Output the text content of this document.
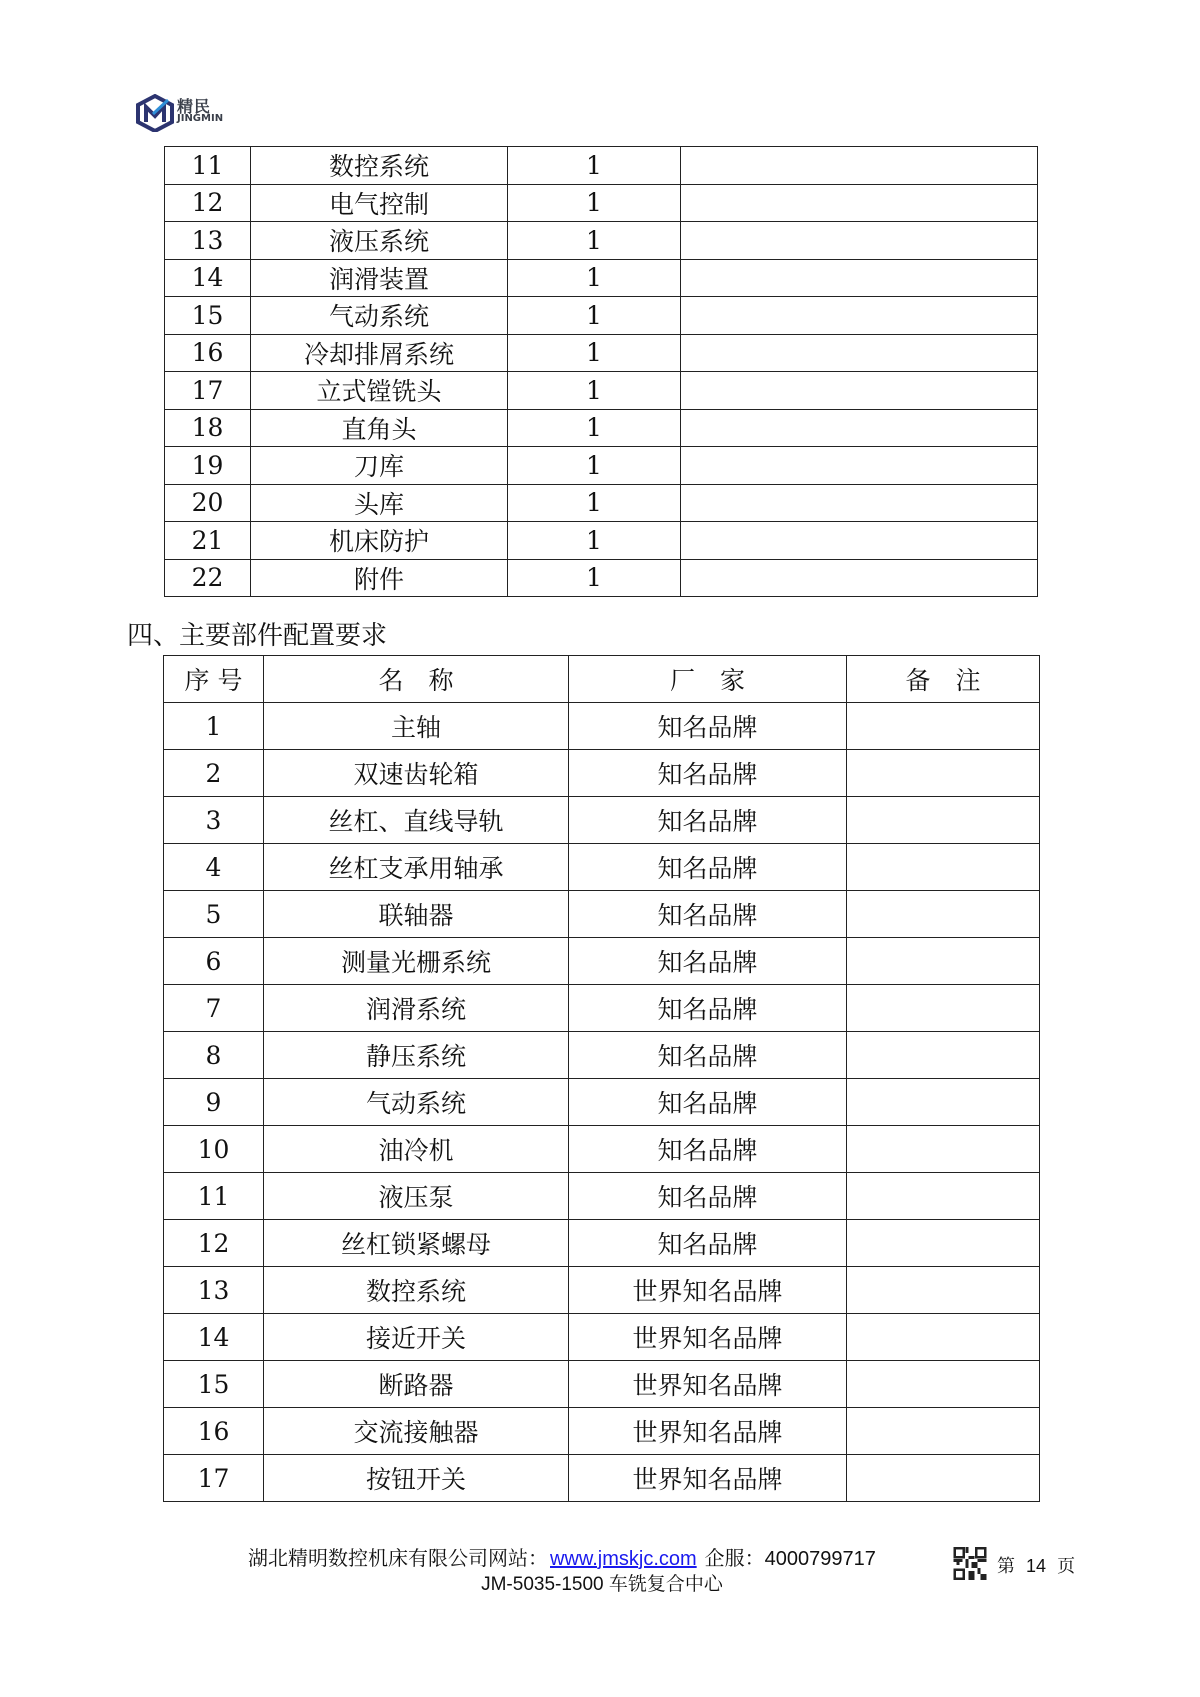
精民
JINGMIN
11	数控系统	1	
12	电气控制	1	
13	液压系统	1	
14	润滑装置	1	
15	气动系统	1	
16	冷却排屑系统	1	
17	立式镗铣头	1	
18	直角头	1	
19	刀库	1	
20	头库	1	
21	机床防护	1	
22	附件	1	
四、主要部件配置要求
序 号	名　称	厂　家	备　注
1	主轴	知名品牌	
2	双速齿轮箱	知名品牌	
3	丝杠、直线导轨	知名品牌	
4	丝杠支承用轴承	知名品牌	
5	联轴器	知名品牌	
6	测量光栅系统	知名品牌	
7	润滑系统	知名品牌	
8	静压系统	知名品牌	
9	气动系统	知名品牌	
10	油冷机	知名品牌	
11	液压泵	知名品牌	
12	丝杠锁紧螺母	知名品牌	
13	数控系统	世界知名品牌	
14	接近开关	世界知名品牌	
15	断路器	世界知名品牌	
16	交流接触器	世界知名品牌	
17	按钮开关	世界知名品牌	
湖北精明数控机床有限公司网站： www.jmskjc.com 企服：4000799717
JM-5035-1500 车铣复合中心
第 14 页
